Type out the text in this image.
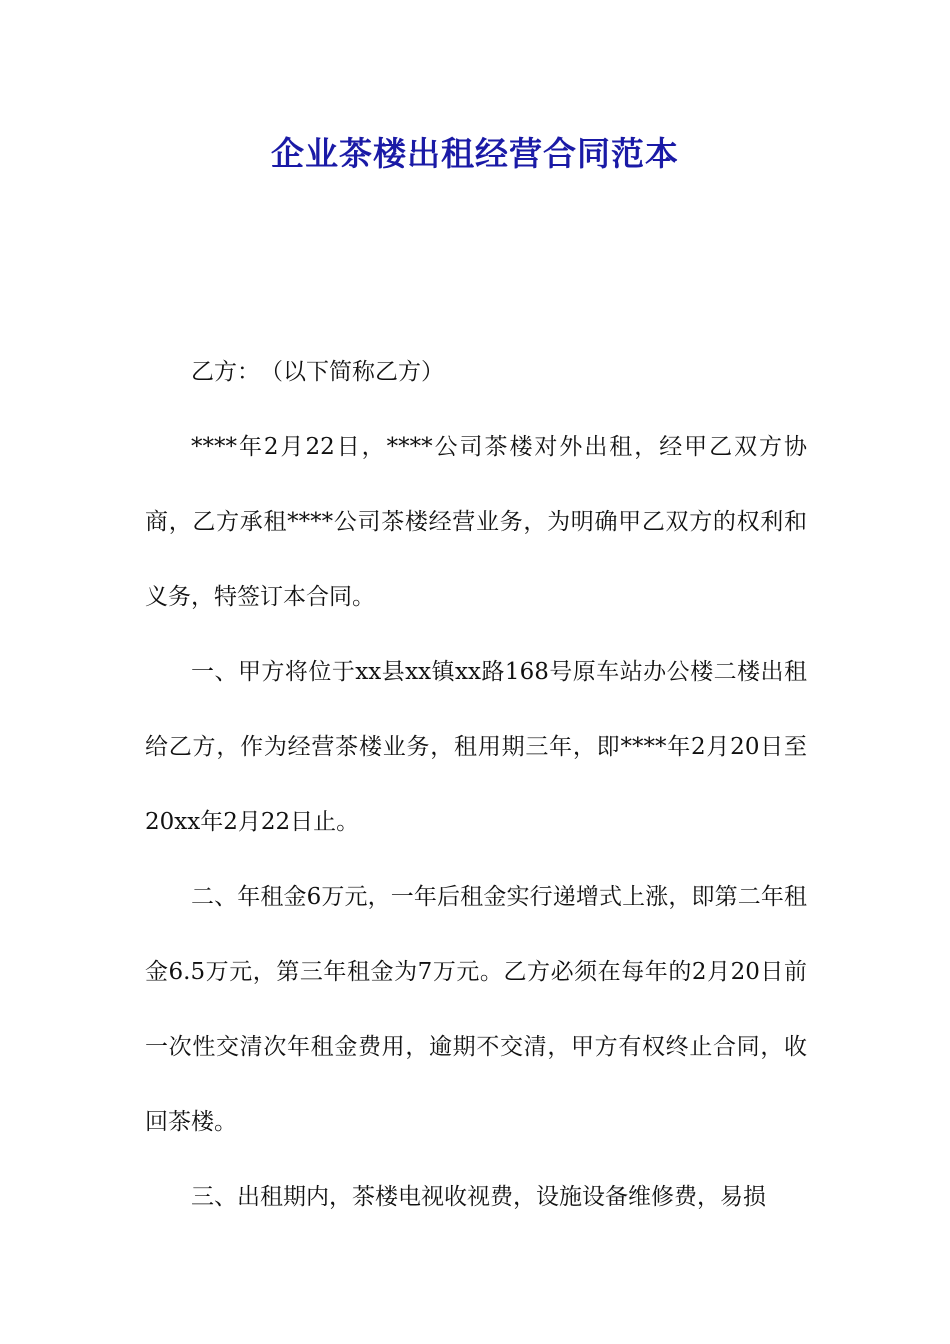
企业茶楼出租经营合同范本

乙方：　（以下简称乙方）

****年2月22日，****公司茶楼对外出租，经甲乙双方协商，乙方承租****公司茶楼经营业务，为明确甲乙双方的权利和义务，特签订本合同。

一、甲方将位于xx县xx镇xx路168号原车站办公楼二楼出租给乙方，作为经营茶楼业务，租用期三年，即****年2月20日至20xx年2月22日止。

二、年租金6万元，一年后租金实行递增式上涨，即第二年租金6.5万元，第三年租金为7万元。乙方必须在每年的2月20日前一次性交清次年租金费用，逾期不交清，甲方有权终止合同，收回茶楼。

三、出租期内，茶楼电视收视费，设施设备维修费，易损
